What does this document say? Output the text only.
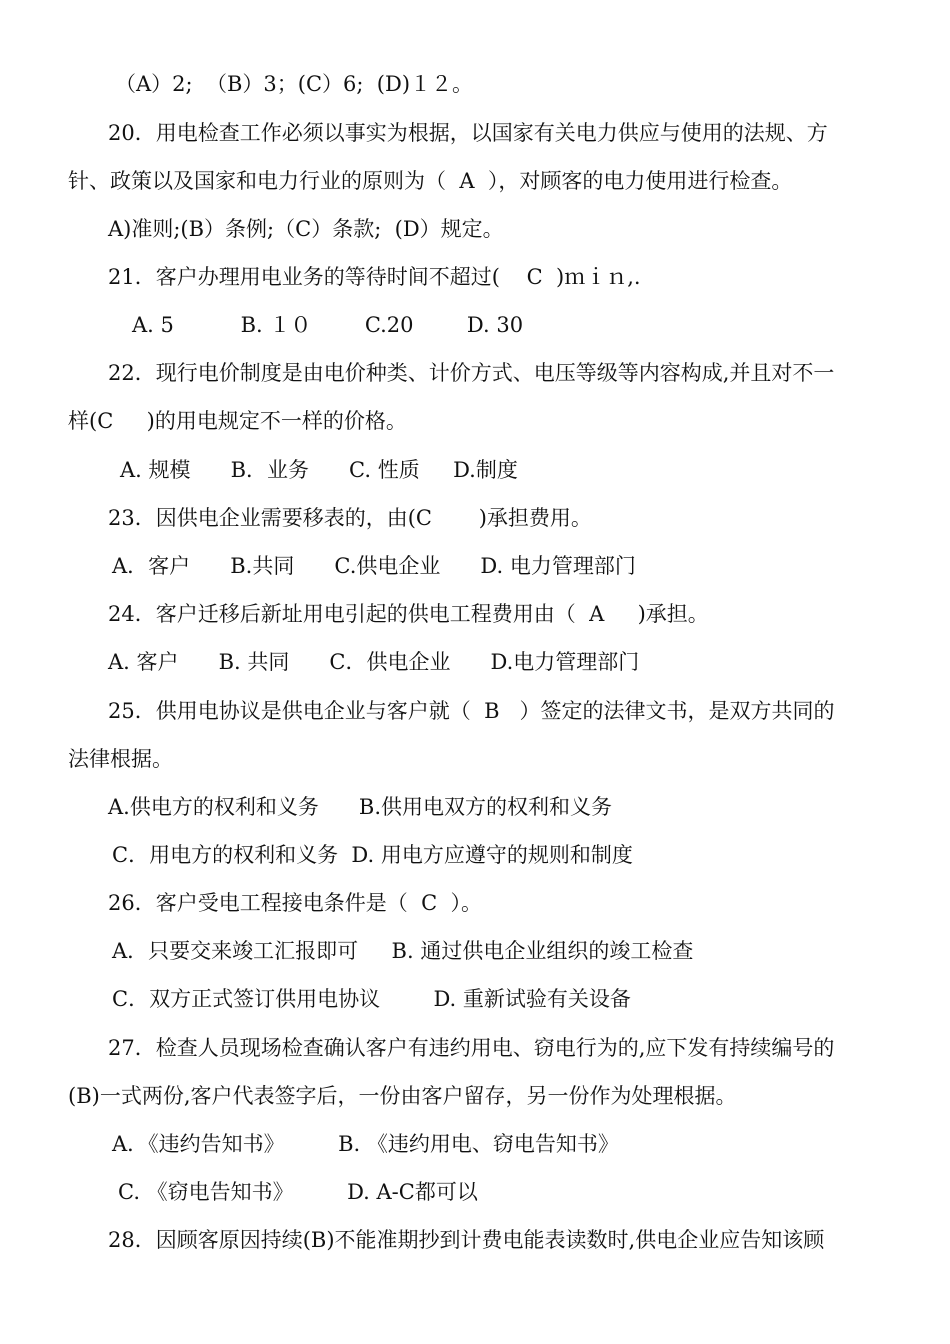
（A）2;  （B）3；(C）6;  (D)１２。
20．用电检查工作必须以事实为根据，以国家有关电力供应与使用的法规、方
针、政策以及国家和电力行业的原则为（  A  ），对顾客的电力使用进行检查。
A)准则;(B）条例;（C）条款;  (D）规定。
21．客户办理用电业务的等待时间不超过(    C  )ｍｉｎ,.
A. 5          B. １０        C.20        D. 30
22．现行电价制度是由电价种类、计价方式、电压等级等内容构成,并且对不一
样(C     )的用电规定不一样的价格。
A. 规模      B．业务      C. 性质     D.制度
23．因供电企业需要移表的，由(C       )承担费用。
A．客户      B.共同      C.供电企业      D. 电力管理部门
24．客户迁移后新址用电引起的供电工程费用由（  A     )承担。
A. 客户      B. 共同      C．供电企业      D.电力管理部门
25．供用电协议是供电企业与客户就（  B   ）签定的法律文书，是双方共同的
法律根据。
A.供电方的权利和义务      B.供用电双方的权利和义务
C．用电方的权利和义务  D. 用电方应遵守的规则和制度
26．客户受电工程接电条件是（  C  ）。
A．只要交来竣工汇报即可     B. 通过供电企业组织的竣工检查
C．双方正式签订供用电协议        D. 重新试验有关设备
27．检查人员现场检查确认客户有违约用电、窃电行为的,应下发有持续编号的
(B)一式两份,客户代表签字后，一份由客户留存，另一份作为处理根据。
A．《违约告知书》        B. 《违约用电、窃电告知书》
C. 《窃电告知书》        D. A-C都可以
28．因顾客原因持续(B)不能准期抄到计费电能表读数时,供电企业应告知该顾
